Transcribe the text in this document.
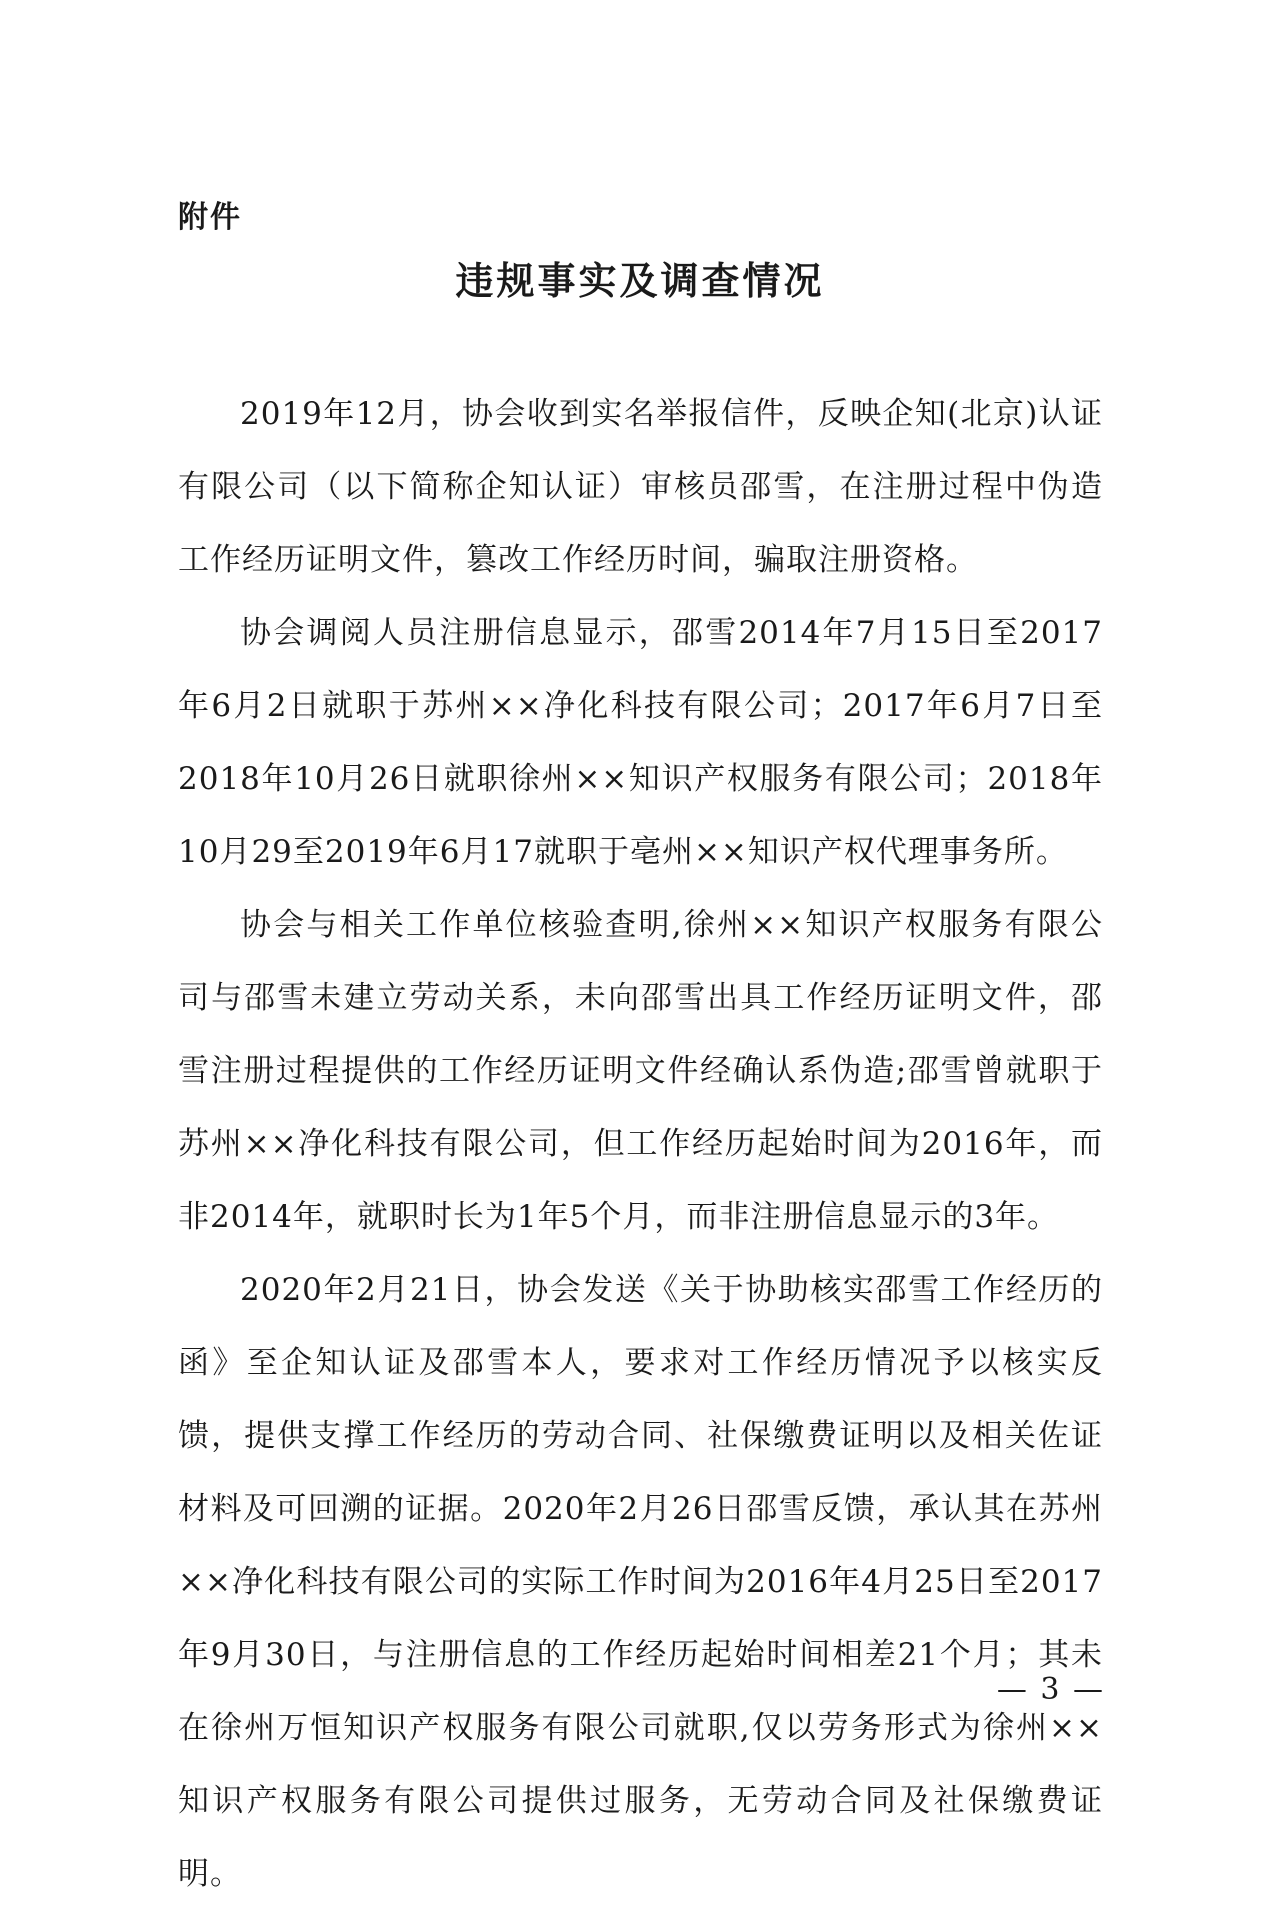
附件
违规事实及调查情况

2019年12月，协会收到实名举报信件，反映企知(北京)认证有限公司（以下简称企知认证）审核员邵雪，在注册过程中伪造工作经历证明文件，篡改工作经历时间，骗取注册资格。

协会调阅人员注册信息显示，邵雪2014年7月15日至2017年6月2日就职于苏州××净化科技有限公司；2017年6月7日至2018年10月26日就职徐州××知识产权服务有限公司；2018年10月29至2019年6月17就职于亳州××知识产权代理事务所。

协会与相关工作单位核验查明,徐州××知识产权服务有限公司与邵雪未建立劳动关系，未向邵雪出具工作经历证明文件，邵雪注册过程提供的工作经历证明文件经确认系伪造;邵雪曾就职于苏州××净化科技有限公司，但工作经历起始时间为2016年，而非2014年，就职时长为1年5个月，而非注册信息显示的3年。

2020年2月21日，协会发送《关于协助核实邵雪工作经历的函》至企知认证及邵雪本人，要求对工作经历情况予以核实反馈，提供支撑工作经历的劳动合同、社保缴费证明以及相关佐证材料及可回溯的证据。2020年2月26日邵雪反馈，承认其在苏州××净化科技有限公司的实际工作时间为2016年4月25日至2017年9月30日，与注册信息的工作经历起始时间相差21个月；其未在徐州万恒知识产权服务有限公司就职,仅以劳务形式为徐州××知识产权服务有限公司提供过服务，无劳动合同及社保缴费证明。

— 3 —
